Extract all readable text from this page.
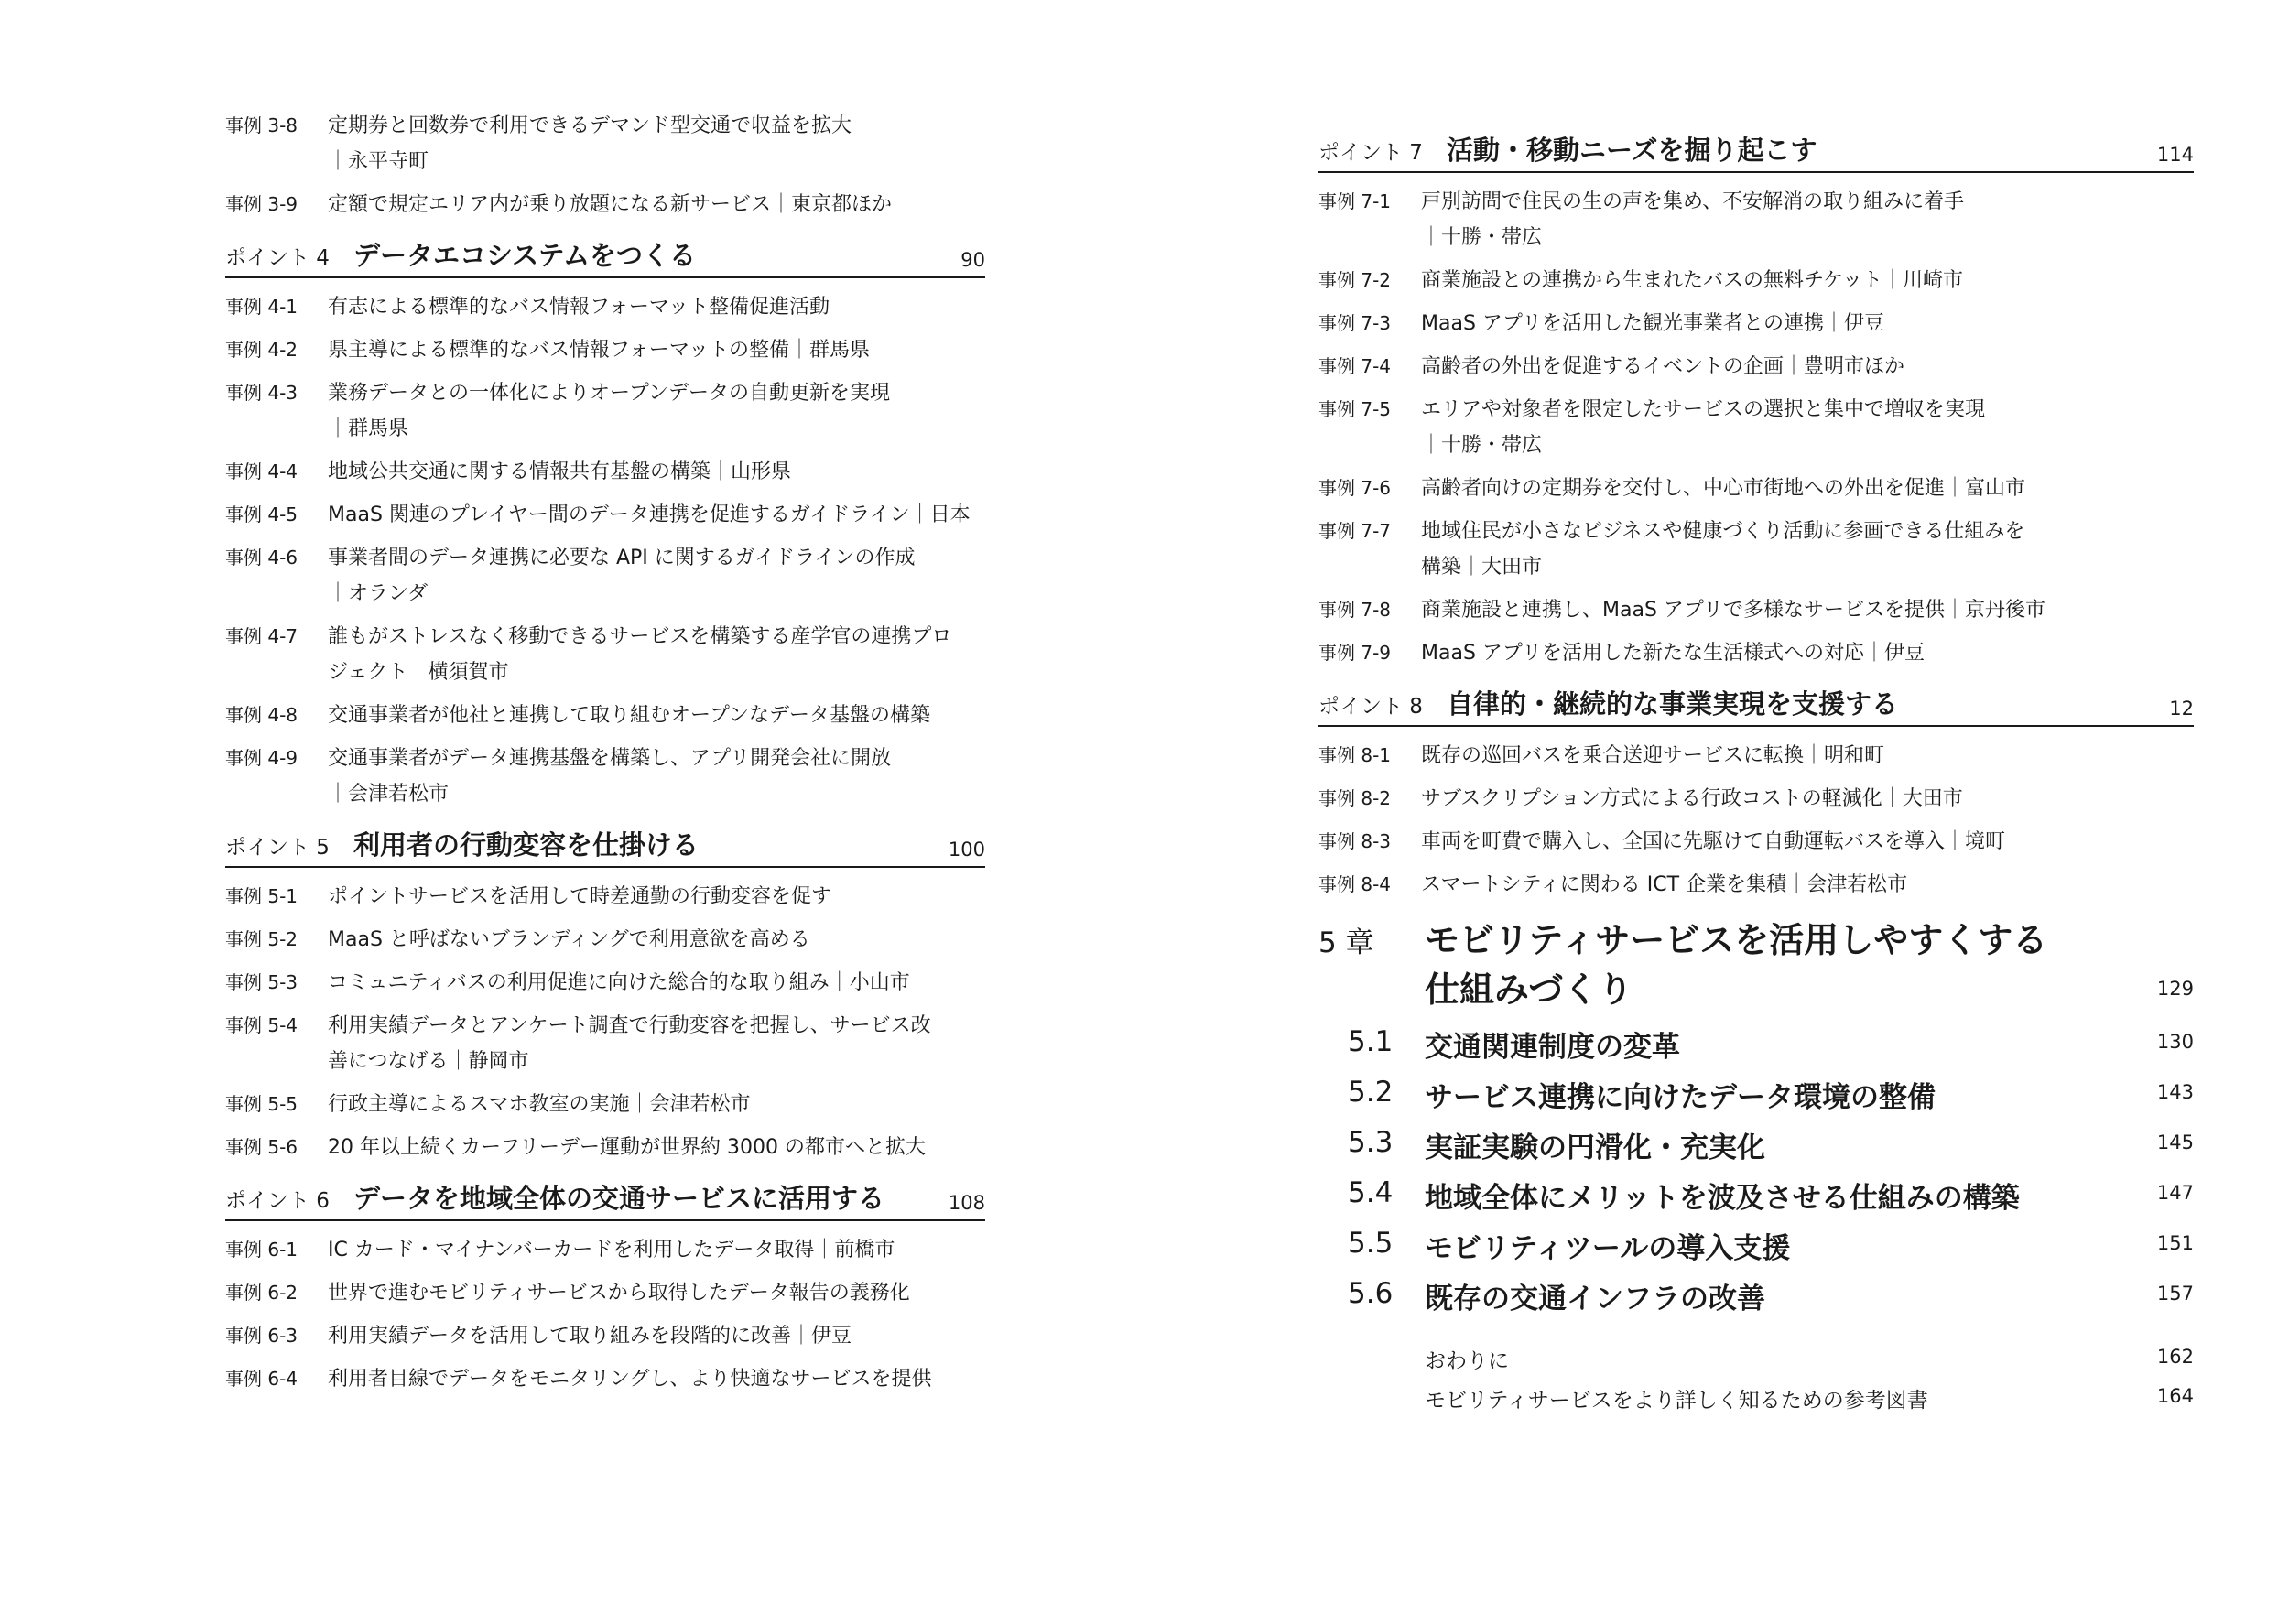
事例 3-8	定期券と回数券で利用できるデマンド型交通で収益を拡大
｜永平寺町
事例 3-9	定額で規定エリア内が乗り放題になる新サービス｜東京都ほか
ポイント 4 データエコシステムをつくる	90
事例 4-1	有志による標準的なバス情報フォーマット整備促進活動
事例 4-2	県主導による標準的なバス情報フォーマットの整備｜群馬県
事例 4-3	業務データとの一体化によりオープンデータの自動更新を実現
｜群馬県
事例 4-4	地域公共交通に関する情報共有基盤の構築｜山形県
事例 4-5	MaaS 関連のプレイヤー間のデータ連携を促進するガイドライン｜日本
事例 4-6	事業者間のデータ連携に必要な API に関するガイドラインの作成
｜オランダ
事例 4-7	誰もがストレスなく移動できるサービスを構築する産学官の連携プロ
ジェクト｜横須賀市
事例 4-8	交通事業者が他社と連携して取り組むオープンなデータ基盤の構築
事例 4-9	交通事業者がデータ連携基盤を構築し、アプリ開発会社に開放
｜会津若松市
ポイント 5 利用者の行動変容を仕掛ける	100
事例 5-1	ポイントサービスを活用して時差通勤の行動変容を促す
事例 5-2	MaaS と呼ばないブランディングで利用意欲を高める
事例 5-3	コミュニティバスの利用促進に向けた総合的な取り組み｜小山市
事例 5-4	利用実績データとアンケート調査で行動変容を把握し、サービス改
善につなげる｜静岡市
事例 5-5	行政主導によるスマホ教室の実施｜会津若松市
事例 5-6	20 年以上続くカーフリーデー運動が世界約 3000 の都市へと拡大
ポイント 6 データを地域全体の交通サービスに活用する	108
事例 6-1	IC カード・マイナンバーカードを利用したデータ取得｜前橋市
事例 6-2	世界で進むモビリティサービスから取得したデータ報告の義務化
事例 6-3	利用実績データを活用して取り組みを段階的に改善｜伊豆
事例 6-4	利用者目線でデータをモニタリングし、より快適なサービスを提供
ポイント 7 活動・移動ニーズを掘り起こす	114
事例 7-1	戸別訪問で住民の生の声を集め、不安解消の取り組みに着手
｜十勝・帯広
事例 7-2	商業施設との連携から生まれたバスの無料チケット｜川崎市
事例 7-3	MaaS アプリを活用した観光事業者との連携｜伊豆
事例 7-4	高齢者の外出を促進するイベントの企画｜豊明市ほか
事例 7-5	エリアや対象者を限定したサービスの選択と集中で増収を実現
｜十勝・帯広
事例 7-6	高齢者向けの定期券を交付し、中心市街地への外出を促進｜富山市
事例 7-7	地域住民が小さなビジネスや健康づくり活動に参画できる仕組みを
構築｜大田市
事例 7-8	商業施設と連携し、MaaS アプリで多様なサービスを提供｜京丹後市
事例 7-9	MaaS アプリを活用した新たな生活様式への対応｜伊豆
ポイント 8 自律的・継続的な事業実現を支援する	12
事例 8-1	既存の巡回バスを乗合送迎サービスに転換｜明和町
事例 8-2	サブスクリプション方式による行政コストの軽減化｜大田市
事例 8-3	車両を町費で購入し、全国に先駆けて自動運転バスを導入｜境町
事例 8-4	スマートシティに関わる ICT 企業を集積｜会津若松市
5 章 モビリティサービスを活用しやすくする
仕組みづくり	129
5.1 交通関連制度の変革	130
5.2 サービス連携に向けたデータ環境の整備	143
5.3 実証実験の円滑化・充実化	145
5.4 地域全体にメリットを波及させる仕組みの構築	147
5.5 モビリティツールの導入支援	151
5.6 既存の交通インフラの改善	157
おわりに	162
モビリティサービスをより詳しく知るための参考図書	164
